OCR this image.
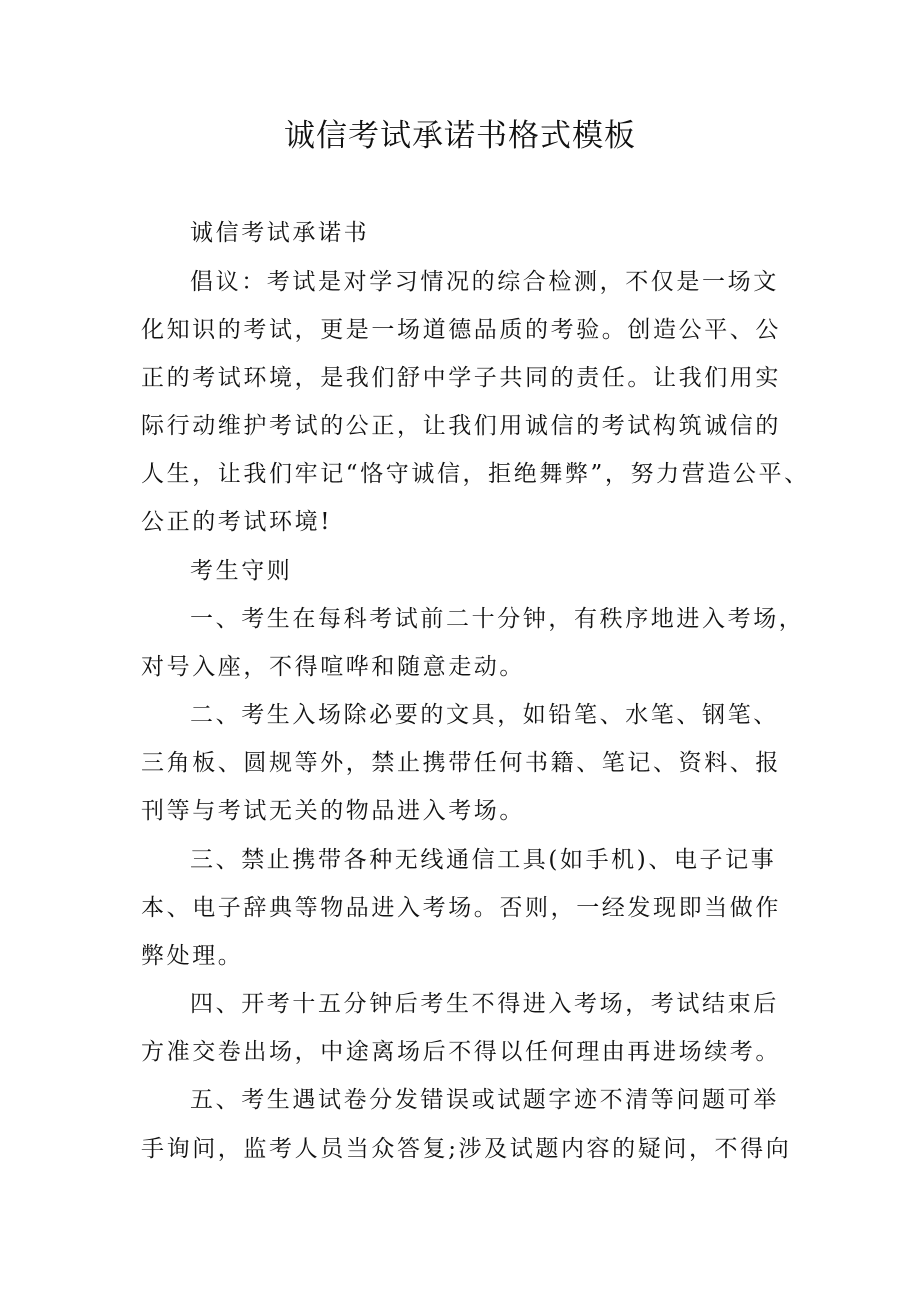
诚信考试承诺书格式模板
诚信考试承诺书
倡议：考试是对学习情况的综合检测，不仅是一场文
化知识的考试，更是一场道德品质的考验。创造公平、公
正的考试环境，是我们舒中学子共同的责任。让我们用实
际行动维护考试的公正，让我们用诚信的考试构筑诚信的
人生，让我们牢记“恪守诚信，拒绝舞弊”，努力营造公平、
公正的考试环境!
考生守则
一、考生在每科考试前二十分钟，有秩序地进入考场，
对号入座，不得喧哗和随意走动。
二、考生入场除必要的文具，如铅笔、水笔、钢笔、
三角板、圆规等外，禁止携带任何书籍、笔记、资料、报
刊等与考试无关的物品进入考场。
三、禁止携带各种无线通信工具(如手机)、电子记事
本、电子辞典等物品进入考场。否则，一经发现即当做作
弊处理。
四、开考十五分钟后考生不得进入考场，考试结束后
方准交卷出场，中途离场后不得以任何理由再进场续考。
五、考生遇试卷分发错误或试题字迹不清等问题可举
手询问，监考人员当众答复;涉及试题内容的疑问，不得向
